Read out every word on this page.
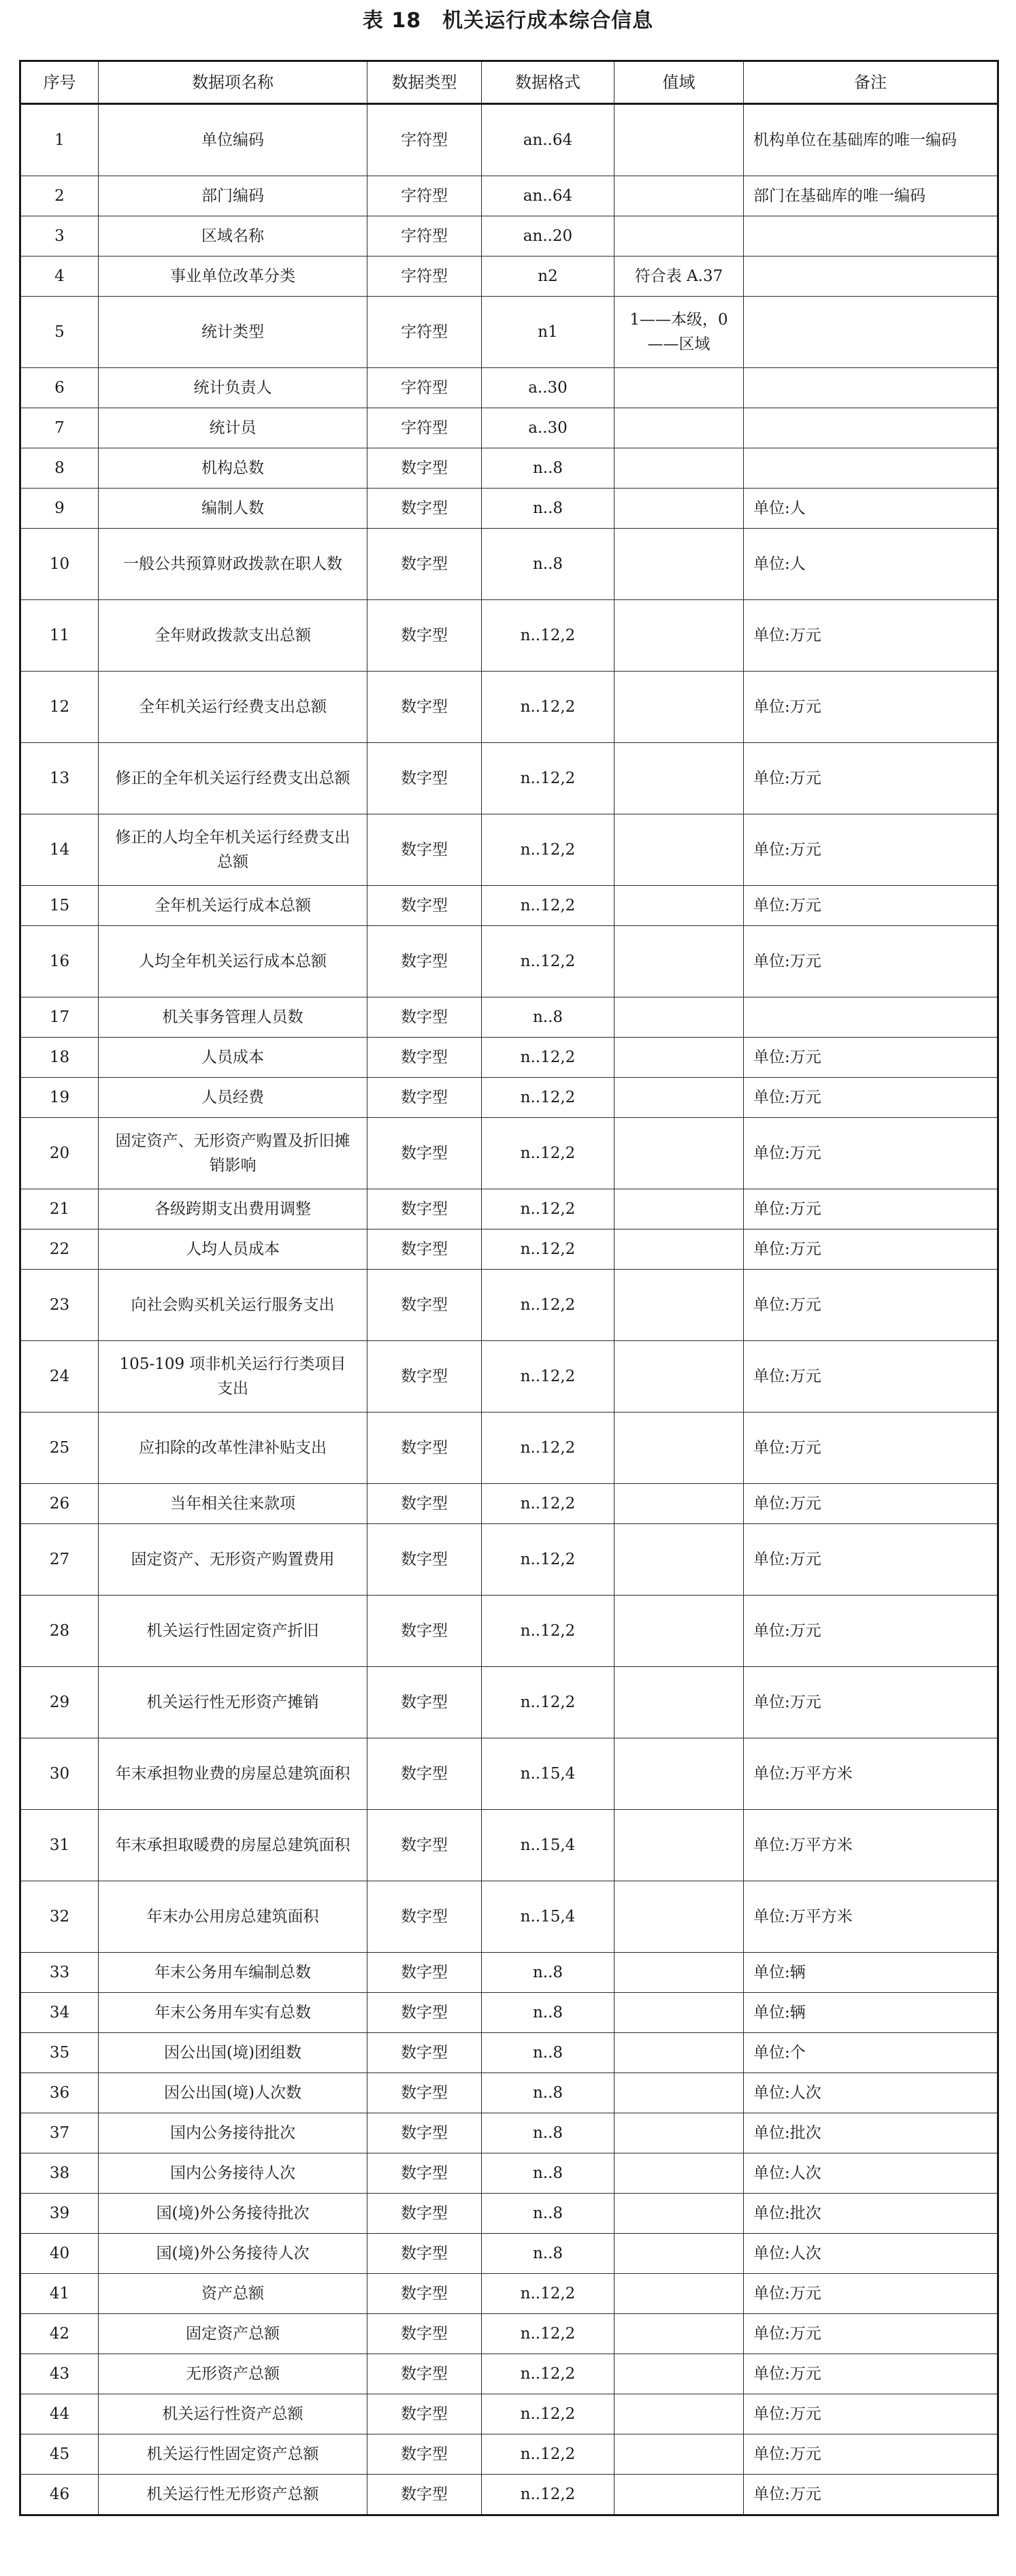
表 18　机关运行成本综合信息
序号	数据项名称	数据类型	数据格式	值域	备注
1	单位编码	字符型	an..64		机构单位在基础库的唯一编码
2	部门编码	字符型	an..64		部门在基础库的唯一编码
3	区域名称	字符型	an..20		
4	事业单位改革分类	字符型	n2	符合表 A.37	
5	统计类型	字符型	n1	1——本级，0——区域	
6	统计负责人	字符型	a..30		
7	统计员	字符型	a..30		
8	机构总数	数字型	n..8		
9	编制人数	数字型	n..8		单位:人
10	一般公共预算财政拨款在职人数	数字型	n..8		单位:人
11	全年财政拨款支出总额	数字型	n..12,2		单位:万元
12	全年机关运行经费支出总额	数字型	n..12,2		单位:万元
13	修正的全年机关运行经费支出总额	数字型	n..12,2		单位:万元
14	修正的人均全年机关运行经费支出总额	数字型	n..12,2		单位:万元
15	全年机关运行成本总额	数字型	n..12,2		单位:万元
16	人均全年机关运行成本总额	数字型	n..12,2		单位:万元
17	机关事务管理人员数	数字型	n..8		
18	人员成本	数字型	n..12,2		单位:万元
19	人员经费	数字型	n..12,2		单位:万元
20	固定资产、无形资产购置及折旧摊销影响	数字型	n..12,2		单位:万元
21	各级跨期支出费用调整	数字型	n..12,2		单位:万元
22	人均人员成本	数字型	n..12,2		单位:万元
23	向社会购买机关运行服务支出	数字型	n..12,2		单位:万元
24	105-109 项非机关运行行类项目支出	数字型	n..12,2		单位:万元
25	应扣除的改革性津补贴支出	数字型	n..12,2		单位:万元
26	当年相关往来款项	数字型	n..12,2		单位:万元
27	固定资产、无形资产购置费用	数字型	n..12,2		单位:万元
28	机关运行性固定资产折旧	数字型	n..12,2		单位:万元
29	机关运行性无形资产摊销	数字型	n..12,2		单位:万元
30	年末承担物业费的房屋总建筑面积	数字型	n..15,4		单位:万平方米
31	年末承担取暖费的房屋总建筑面积	数字型	n..15,4		单位:万平方米
32	年末办公用房总建筑面积	数字型	n..15,4		单位:万平方米
33	年末公务用车编制总数	数字型	n..8		单位:辆
34	年末公务用车实有总数	数字型	n..8		单位:辆
35	因公出国(境)团组数	数字型	n..8		单位:个
36	因公出国(境)人次数	数字型	n..8		单位:人次
37	国内公务接待批次	数字型	n..8		单位:批次
38	国内公务接待人次	数字型	n..8		单位:人次
39	国(境)外公务接待批次	数字型	n..8		单位:批次
40	国(境)外公务接待人次	数字型	n..8		单位:人次
41	资产总额	数字型	n..12,2		单位:万元
42	固定资产总额	数字型	n..12,2		单位:万元
43	无形资产总额	数字型	n..12,2		单位:万元
44	机关运行性资产总额	数字型	n..12,2		单位:万元
45	机关运行性固定资产总额	数字型	n..12,2		单位:万元
46	机关运行性无形资产总额	数字型	n..12,2		单位:万元
